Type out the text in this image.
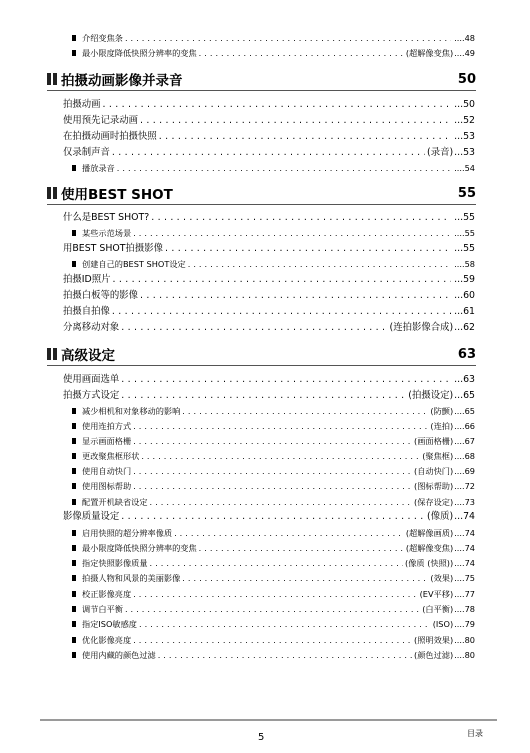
介绍变焦条 . . .	....48
最小限度降低快照分辨率的变焦 . . .	(超解像变焦) ....49
拍摄动画影像并录音	50
拍摄动画 . . .	...50
使用预先记录动画 . . .	...52
在拍摄动画时拍摄快照 . . .	...53
仅录制声音 . . .	(录音) ...53
播放录音 . . .	....54
使用BEST SHOT	55
什么是BEST SHOT? . . .	...55
某些示范场景 . . .	....55
用BEST SHOT拍摄影像 . . .	...55
创建自己的BEST SHOT设定 . . .	....58
拍摄ID照片 . . .	...59
拍摄白板等的影像 . . .	...60
拍摄自拍像 . . .	...61
分离移动对象 . . .	(连拍影像合成) ...62
高级设定	63
使用画面选单 . . .	...63
拍摄方式设定 . . .	(拍摄设定) ...65
减少相机和对象移动的影响 . . .	(防颤) ....65
使用连拍方式 . . .	(连拍) ....66
显示画面格栅 . . .	(画面格栅) ....67
更改聚焦框形状 . . .	(聚焦框) ....68
使用自动快门 . . .	(自动快门) ....69
使用图标帮助 . . .	(图标帮助) ....72
配置开机缺省设定 . . .	(保存设定) ....73
影像质量设定 . . .	(像质) ...74
启用快照的超分辨率像质 . . .	(超解像画质) ....74
最小限度降低快照分辨率的变焦 . . .	(超解像变焦) ....74
指定快照影像质量 . . .	(像质 (快照)) ....74
拍摄人物和风景的美丽影像 . . .	(效果) ....75
校正影像亮度 . . .	(EV平移) ....77
调节白平衡 . . .	(白平衡) ....78
指定ISO敏感度 . . .	(ISO) ....79
优化影像亮度 . . .	(照明效果) ....80
使用内藏的颜色过滤 . . .	(颜色过滤) ....80
5	目录
